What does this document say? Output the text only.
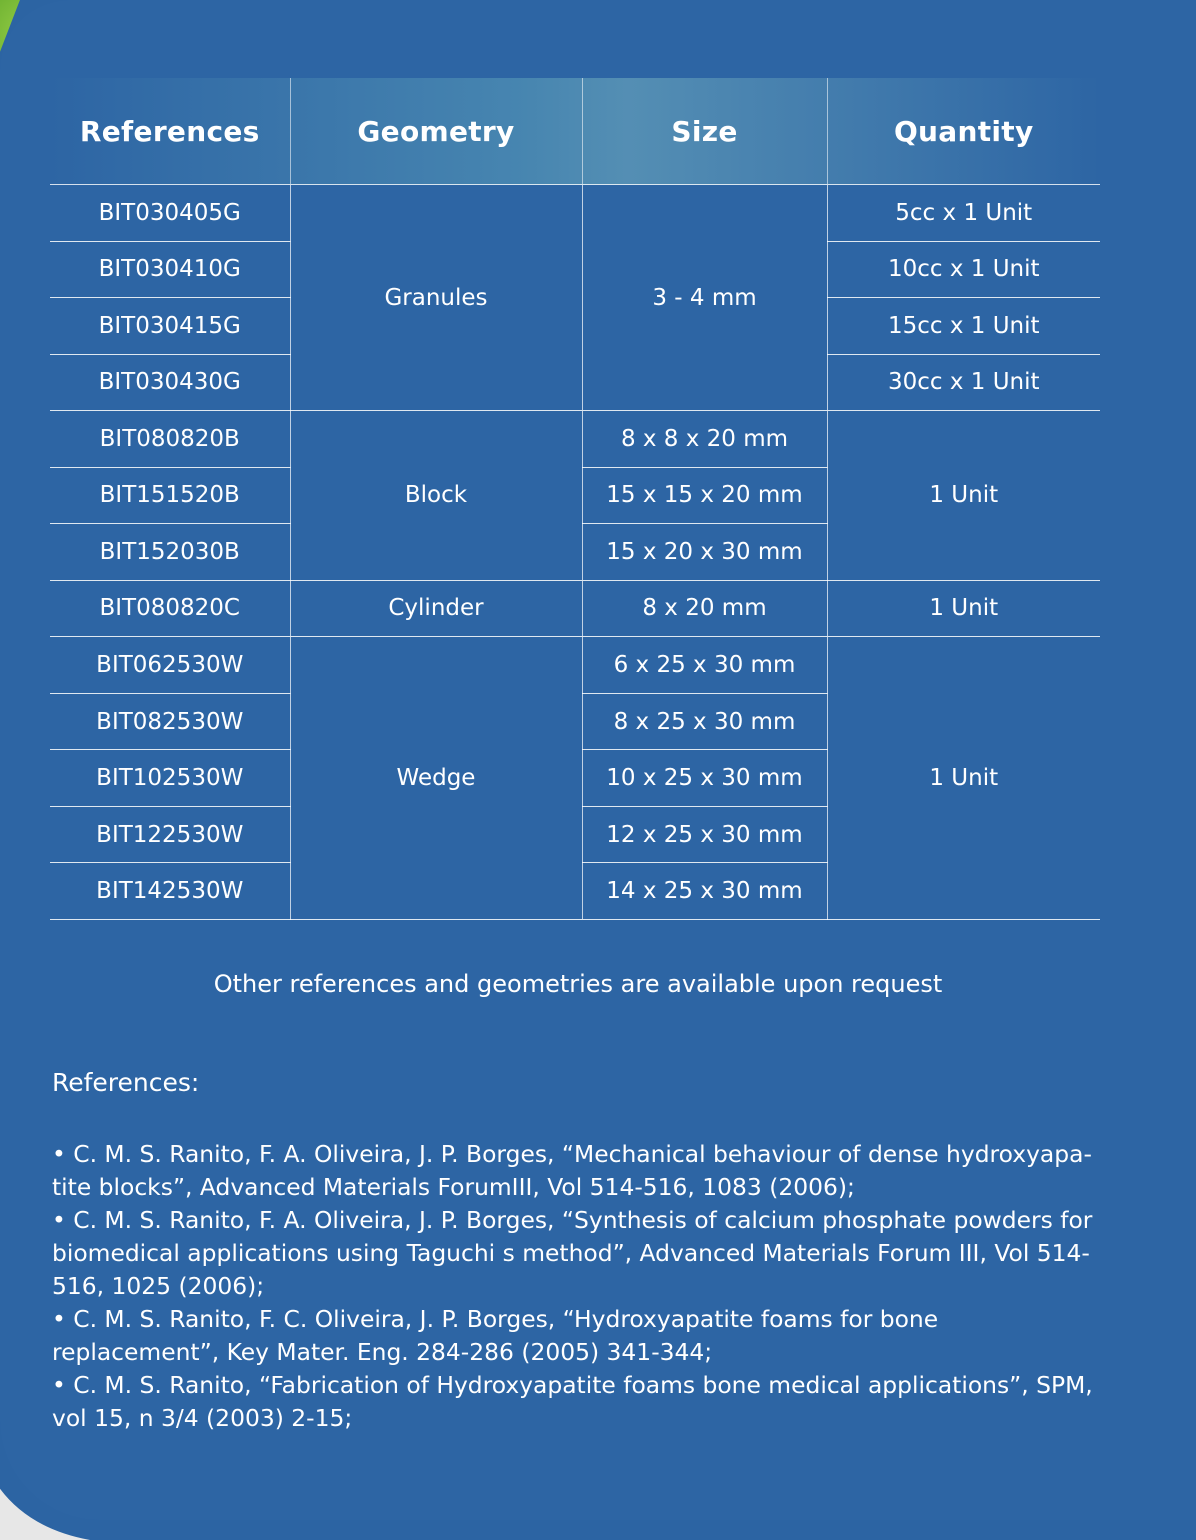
References	Geometry	Size	Quantity
BIT030405G	Granules	3 - 4 mm	5cc x 1 Unit
BIT030410G			10cc x 1 Unit
BIT030415G			15cc x 1 Unit
BIT030430G			30cc x 1 Unit
BIT080820B	Block	8 x 8 x 20 mm	1 Unit
BIT151520B		15 x 15 x 20 mm	
BIT152030B		15 x 20 x 30 mm	
BIT080820C	Cylinder	8 x 20 mm	1 Unit
BIT062530W	Wedge	6 x 25 x 30 mm	1 Unit
BIT082530W		8 x 25 x 30 mm	
BIT102530W		10 x 25 x 30 mm	
BIT122530W		12 x 25 x 30 mm	
BIT142530W		14 x 25 x 30 mm	
Other references and geometries are available upon request
References:

• C. M. S. Ranito, F. A. Oliveira, J. P. Borges, “Mechanical behaviour of dense hydroxyapa-tite blocks”, Advanced Materials ForumIII, Vol 514-516, 1083 (2006);

• C. M. S. Ranito, F. A. Oliveira, J. P. Borges, “Synthesis of calcium phosphate powders for biomedical applications using Taguchi s method”, Advanced Materials Forum III, Vol 514-516, 1025 (2006);

• C. M. S. Ranito, F. C. Oliveira, J. P. Borges, “Hydroxyapatite foams for bone replacement”, Key Mater. Eng. 284-286 (2005) 341-344;

• C. M. S. Ranito, “Fabrication of Hydroxyapatite foams bone medical applications”, SPM, vol 15, n 3/4 (2003) 2-15;
